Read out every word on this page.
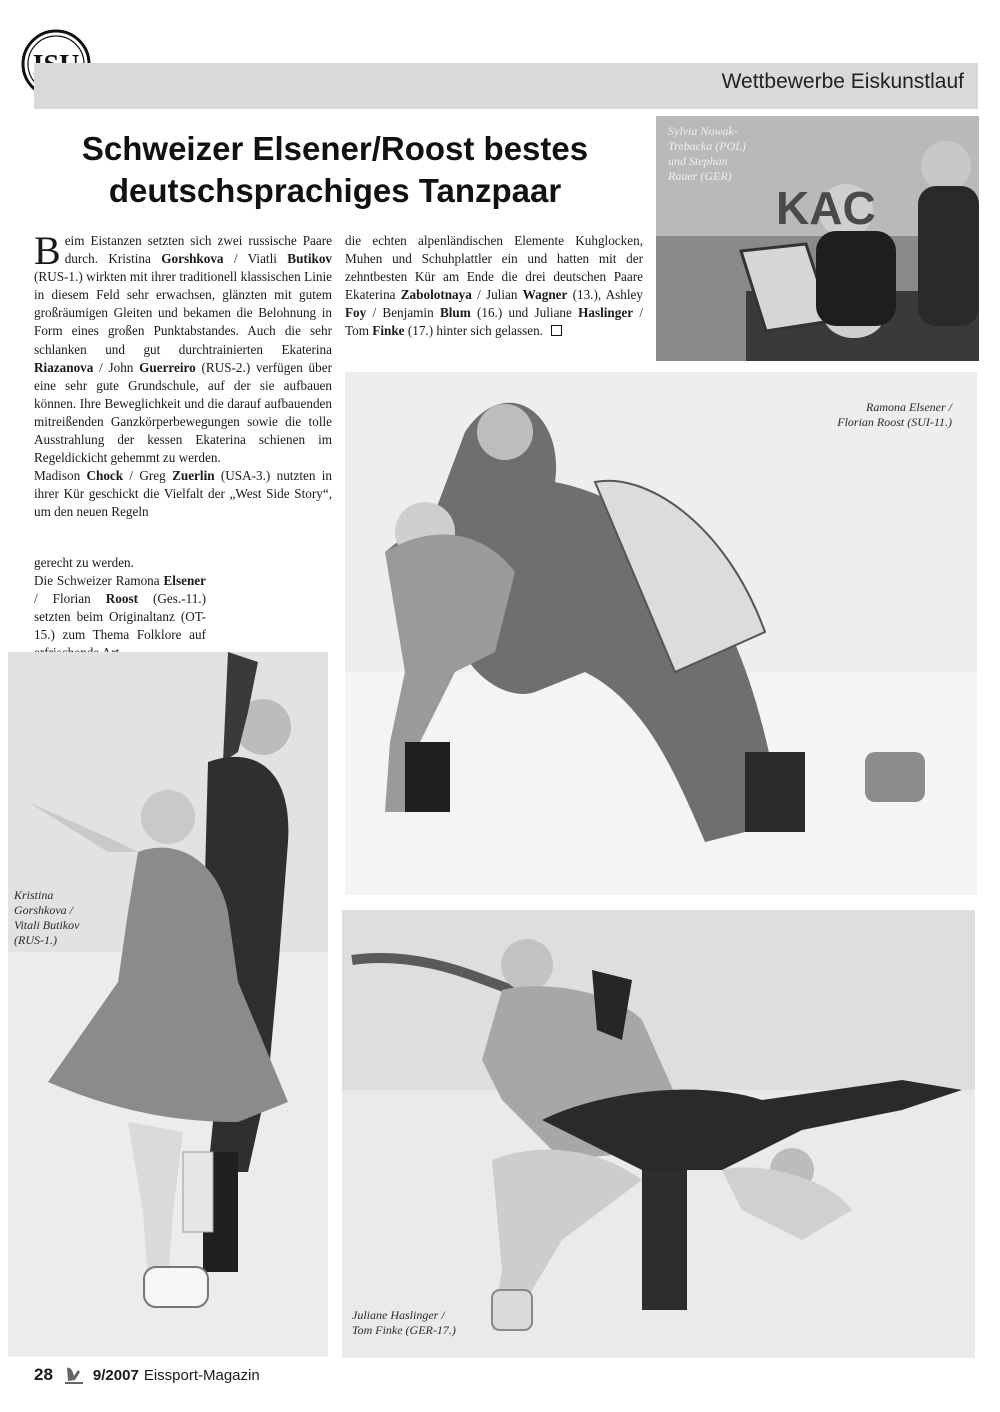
Wettbewerbe Eiskunstlauf
Schweizer Elsener/Roost bestes
deutschsprachiges Tanzpaar	KAC
Sylvia Nowak-
Trebacka (POL)
und Stephan
Rauer (GER)

Beim Eistanzen setzten sich zwei russische Paare durch. Kristina Gorshkova / Viatli Butikov (RUS-1.) wirkten mit ihrer traditionell klassischen Linie in diesem Feld sehr erwachsen, glänzten mit gutem großräumigen Gleiten und bekamen die Belohnung in Form eines großen Punktabstandes. Auch die sehr schlanken und gut durchtrainierten Ekaterina Riazanova / John Guerreiro (RUS-2.) verfügen über eine sehr gute Grundschule, auf der sie aufbauen können. Ihre Beweglichkeit und die darauf aufbauenden mitreißenden Ganzkörperbewegungen sowie die tolle Ausstrahlung der kessen Ekaterina schienen im Regeldickicht gehemmt zu werden.

Madison Chock / Greg Zuerlin (USA-3.) nutzten in ihrer Kür geschickt die Vielfalt der „West Side Story“, um den neuen Regeln

gerecht zu werden.

Die Schweizer Ramona Elsener / Florian Roost (Ges.-11.) setzten beim Originaltanz (OT-15.) zum Thema Folklore auf

die echten alpenländischen Elemente Kuhglocken, Muhen und Schuhplattler ein und hatten mit der zehntbesten Kür am Ende die drei deutschen Paare Ekaterina Zabolotnaya / Julian Wagner (13.), Ashley Foy / Benjamin Blum (16.) und Juliane Haslinger / Tom Finke (17.) hinter sich gelassen.

Ramona Elsener /
Florian Roost (SUI-11.)
Kristina
Gorshkova /
Vitali Butikov
(RUS-1.)
Juliane Haslinger /
Tom Finke (GER-17.)
28	9/2007 Eissport-Magazin
